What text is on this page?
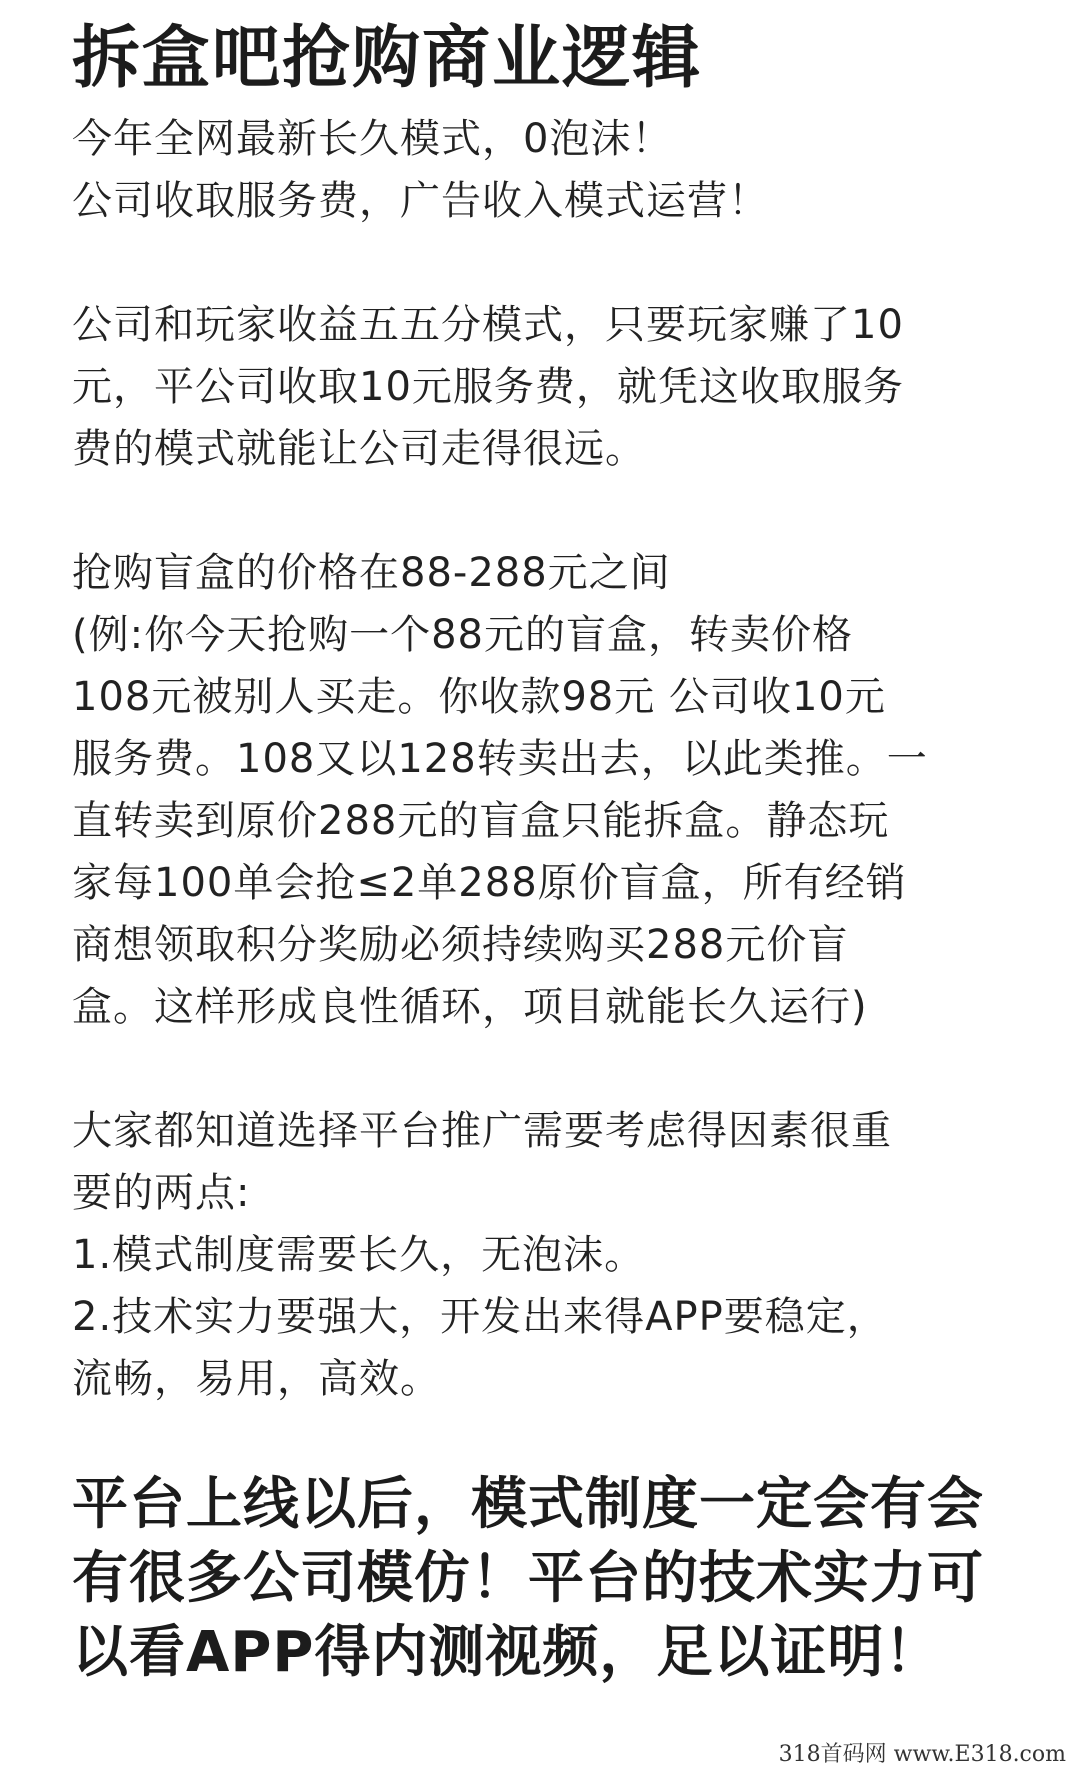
拆盒吧抢购商业逻辑
今年全网最新长久模式，0泡沫！
公司收取服务费，广告收入模式运营！
公司和玩家收益五五分模式，只要玩家赚了10
元，平公司收取10元服务费，就凭这收取服务
费的模式就能让公司走得很远。
抢购盲盒的价格在88-288元之间
(例:你今天抢购一个88元的盲盒，转卖价格
108元被别人买走。你收款98元 公司收10元
服务费。108又以128转卖出去，以此类推。一
直转卖到原价288元的盲盒只能拆盒。静态玩
家每100单会抢≤2单288原价盲盒，所有经销
商想领取积分奖励必须持续购买288元价盲
盒。这样形成良性循环，项目就能长久运行)
大家都知道选择平台推广需要考虑得因素很重
要的两点:
1.模式制度需要长久，无泡沫。
2.技术实力要强大，开发出来得APP要稳定，
流畅，易用，高效。
平台上线以后，模式制度一定会有会
有很多公司模仿！平台的技术实力可
以看APP得内测视频，足以证明！
318首码网 www.E318.com
